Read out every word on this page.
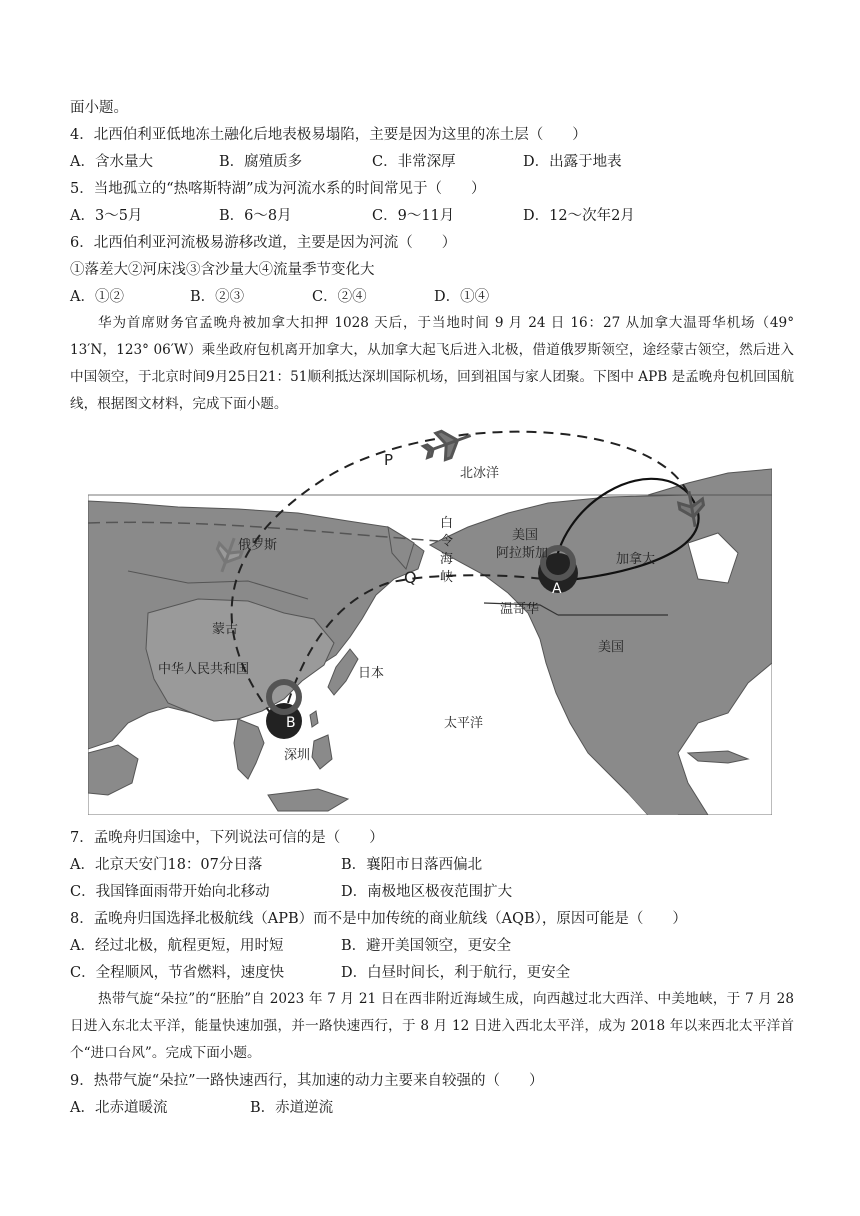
面小题。
4．北西伯利亚低地冻土融化后地表极易塌陷，主要是因为这里的冻土层（　　）
A．含水量大	B．腐殖质多	C．非常深厚	D．出露于地表
5．当地孤立的“热喀斯特湖”成为河流水系的时间常见于（　　）
A．3～5月	B．6～8月	C．9～11月	D．12～次年2月
6．北西伯利亚河流极易游移改道，主要是因为河流（　　）
①落差大②河床浅③含沙量大④流量季节变化大
A．①②	B．②③	C．②④	D．①④
华为首席财务官孟晚舟被加拿大扣押 1028 天后，于当地时间 9 月 24 日 16：27 从加拿大温哥华机场（49° 13′N，123° 06′W）乘坐政府包机离开加拿大，从加拿大起飞后进入北极，借道俄罗斯领空，途经蒙古领空，然后进入中国领空，于北京时间9月25日21：51顺利抵达深圳国际机场，回到祖国与家人团聚。下图中 APB 是孟晚舟包机回国航线，根据图文材料，完成下面小题。
P
北冰洋
俄罗斯
蒙古
中华人民共和国	日本
太平洋
深圳
白
令
海
峡
Q
美国
阿拉斯加	加拿大
温哥华
美国
A
B
7．孟晚舟归国途中，下列说法可信的是（　　）
A．北京天安门18：07分日落	B．襄阳市日落西偏北
C．我国锋面雨带开始向北移动	D．南极地区极夜范围扩大
8．孟晚舟归国选择北极航线（APB）而不是中加传统的商业航线（AQB），原因可能是（　　）
A．经过北极，航程更短，用时短	B．避开美国领空，更安全
C．全程顺风，节省燃料，速度快	D．白昼时间长，利于航行，更安全
热带气旋“朵拉”的“胚胎”自 2023 年 7 月 21 日在西非附近海域生成，向西越过北大西洋、中美地峡，于 7 月 28 日进入东北太平洋，能量快速加强，并一路快速西行，于 8 月 12 日进入西北太平洋，成为 2018 年以来西北太平洋首个“进口台风”。完成下面小题。
9．热带气旋“朵拉”一路快速西行，其加速的动力主要来自较强的（　　）
A．北赤道暖流	B．赤道逆流
